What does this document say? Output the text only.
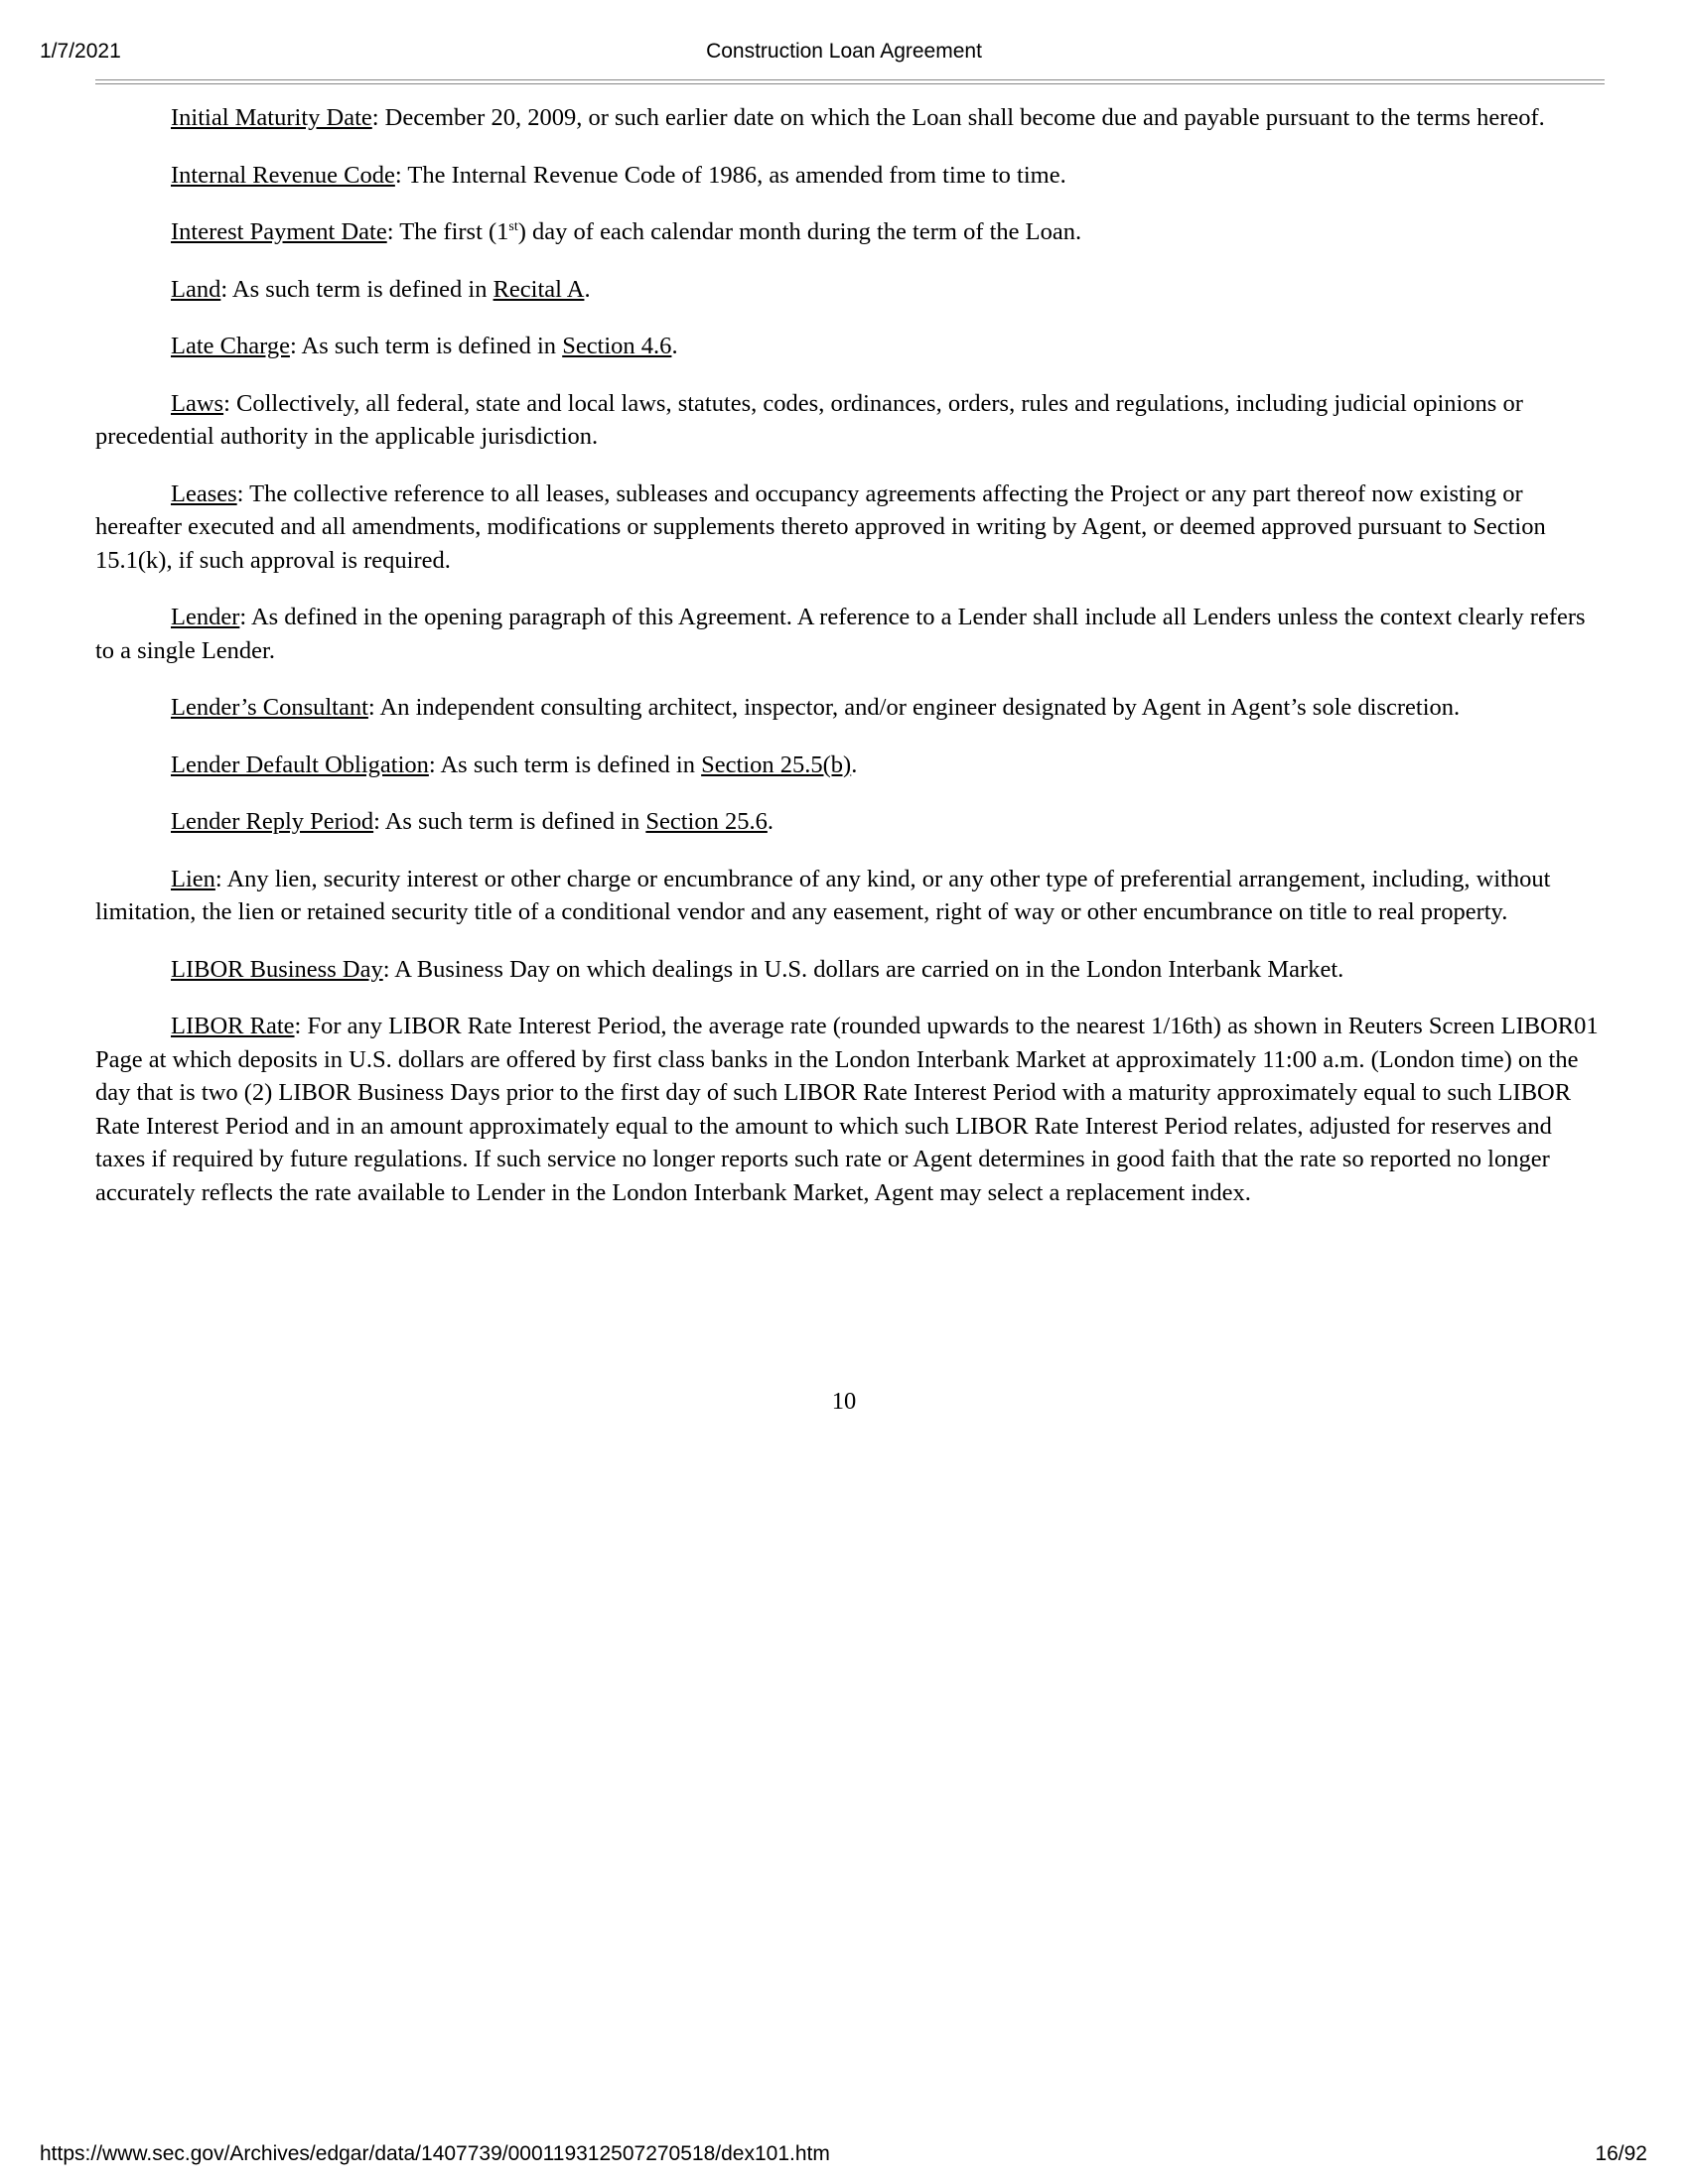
1/7/2021	Construction Loan Agreement

Initial Maturity Date: December 20, 2009, or such earlier date on which the Loan shall become due and payable pursuant to the terms hereof.

Internal Revenue Code: The Internal Revenue Code of 1986, as amended from time to time.

Interest Payment Date: The first (1st) day of each calendar month during the term of the Loan.

Land: As such term is defined in Recital A.

Late Charge: As such term is defined in Section 4.6.

Laws: Collectively, all federal, state and local laws, statutes, codes, ordinances, orders, rules and regulations, including judicial opinions or precedential authority in the applicable jurisdiction.

Leases: The collective reference to all leases, subleases and occupancy agreements affecting the Project or any part thereof now existing or hereafter executed and all amendments, modifications or supplements thereto approved in writing by Agent, or deemed approved pursuant to Section 15.1(k), if such approval is required.

Lender: As defined in the opening paragraph of this Agreement. A reference to a Lender shall include all Lenders unless the context clearly refers to a single Lender.

Lender’s Consultant: An independent consulting architect, inspector, and/or engineer designated by Agent in Agent’s sole discretion.

Lender Default Obligation: As such term is defined in Section 25.5(b).

Lender Reply Period: As such term is defined in Section 25.6.

Lien: Any lien, security interest or other charge or encumbrance of any kind, or any other type of preferential arrangement, including, without limitation, the lien or retained security title of a conditional vendor and any easement, right of way or other encumbrance on title to real property.

LIBOR Business Day: A Business Day on which dealings in U.S. dollars are carried on in the London Interbank Market.

LIBOR Rate: For any LIBOR Rate Interest Period, the average rate (rounded upwards to the nearest 1/16th) as shown in Reuters Screen LIBOR01 Page at which deposits in U.S. dollars are offered by first class banks in the London Interbank Market at approximately 11:00 a.m. (London time) on the day that is two (2) LIBOR Business Days prior to the first day of such LIBOR Rate Interest Period with a maturity approximately equal to such LIBOR Rate Interest Period and in an amount approximately equal to the amount to which such LIBOR Rate Interest Period relates, adjusted for reserves and taxes if required by future regulations. If such service no longer reports such rate or Agent determines in good faith that the rate so reported no longer accurately reflects the rate available to Lender in the London Interbank Market, Agent may select a replacement index.

10
https://www.sec.gov/Archives/edgar/data/1407739/000119312507270518/dex101.htm	16/92
